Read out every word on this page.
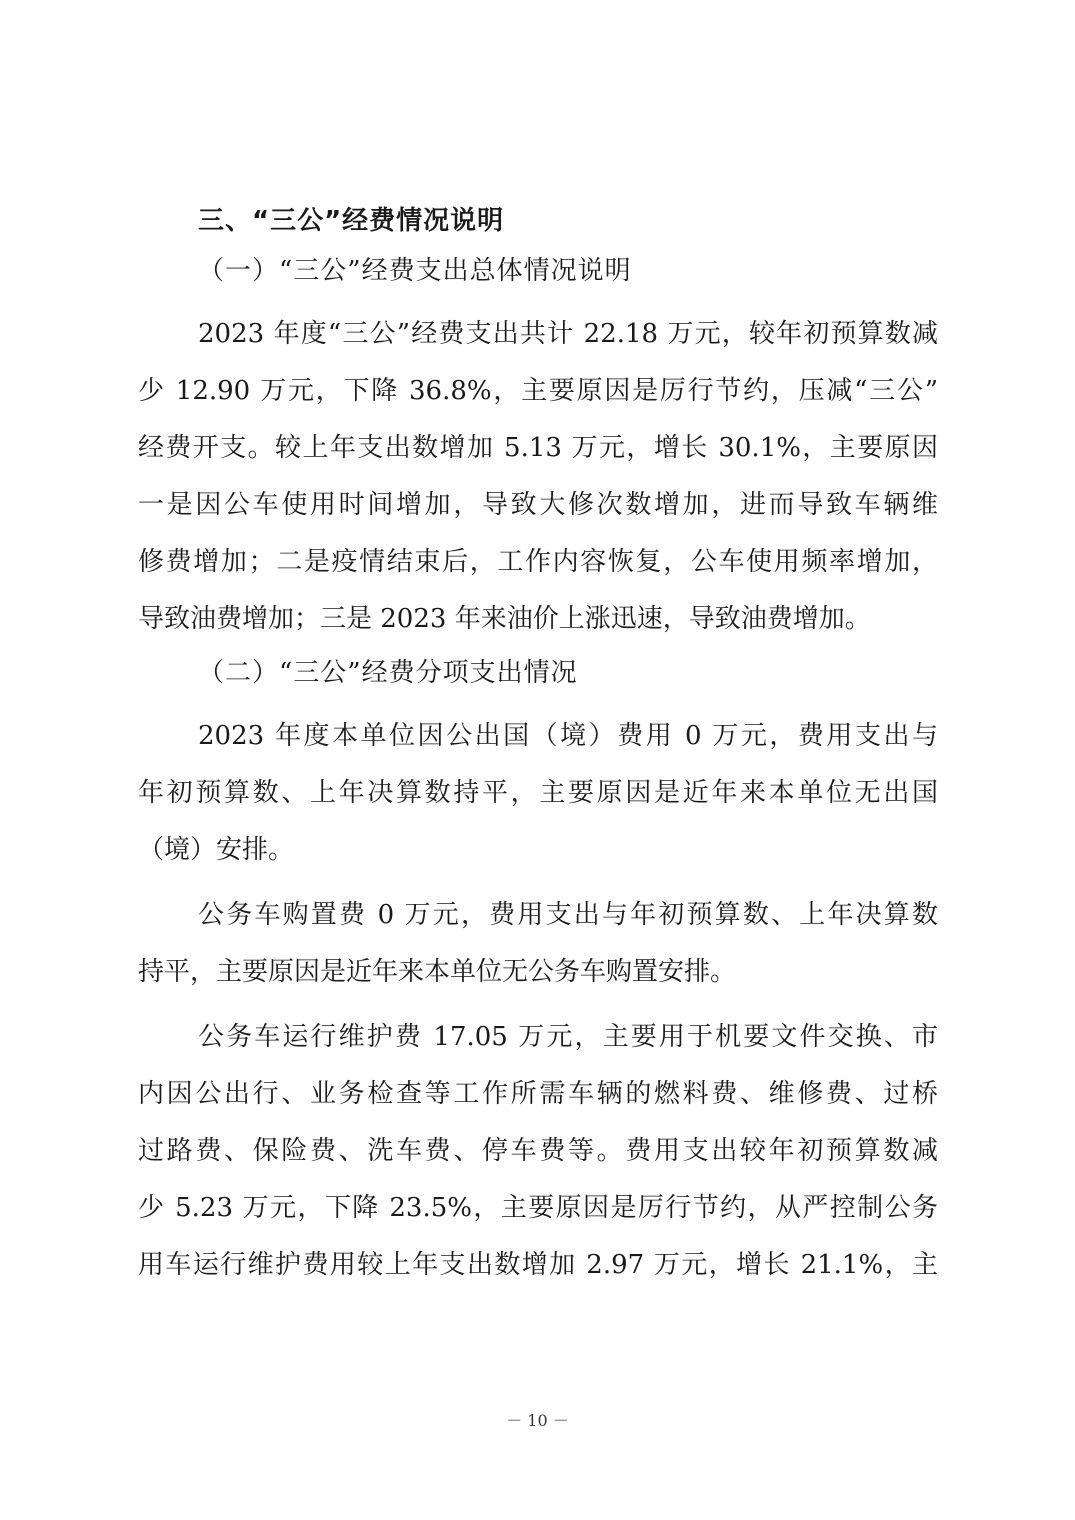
三、“三公”经费情况说明
（一）“三公”经费支出总体情况说明
2023 年度“三公”经费支出共计 22.18 万元，较年初预算数减
少 12.90 万元，下降 36.8%，主要原因是厉行节约，压减“三公”
经费开支。较上年支出数增加 5.13 万元，增长 30.1%，主要原因
一是因公车使用时间增加，导致大修次数增加，进而导致车辆维
修费增加；二是疫情结束后，工作内容恢复，公车使用频率增加，
导致油费增加；三是 2023 年来油价上涨迅速，导致油费增加。
（二）“三公”经费分项支出情况
2023 年度本单位因公出国（境）费用 0 万元，费用支出与
年初预算数、上年决算数持平，主要原因是近年来本单位无出国
（境）安排。
公务车购置费 0 万元，费用支出与年初预算数、上年决算数
持平，主要原因是近年来本单位无公务车购置安排。
公务车运行维护费 17.05 万元，主要用于机要文件交换、市
内因公出行、业务检查等工作所需车辆的燃料费、维修费、过桥
过路费、保险费、洗车费、停车费等。费用支出较年初预算数减
少 5.23 万元，下降 23.5%，主要原因是厉行节约，从严控制公务
用车运行维护费用较上年支出数增加 2.97 万元，增长 21.1%，主
－ 10 －
